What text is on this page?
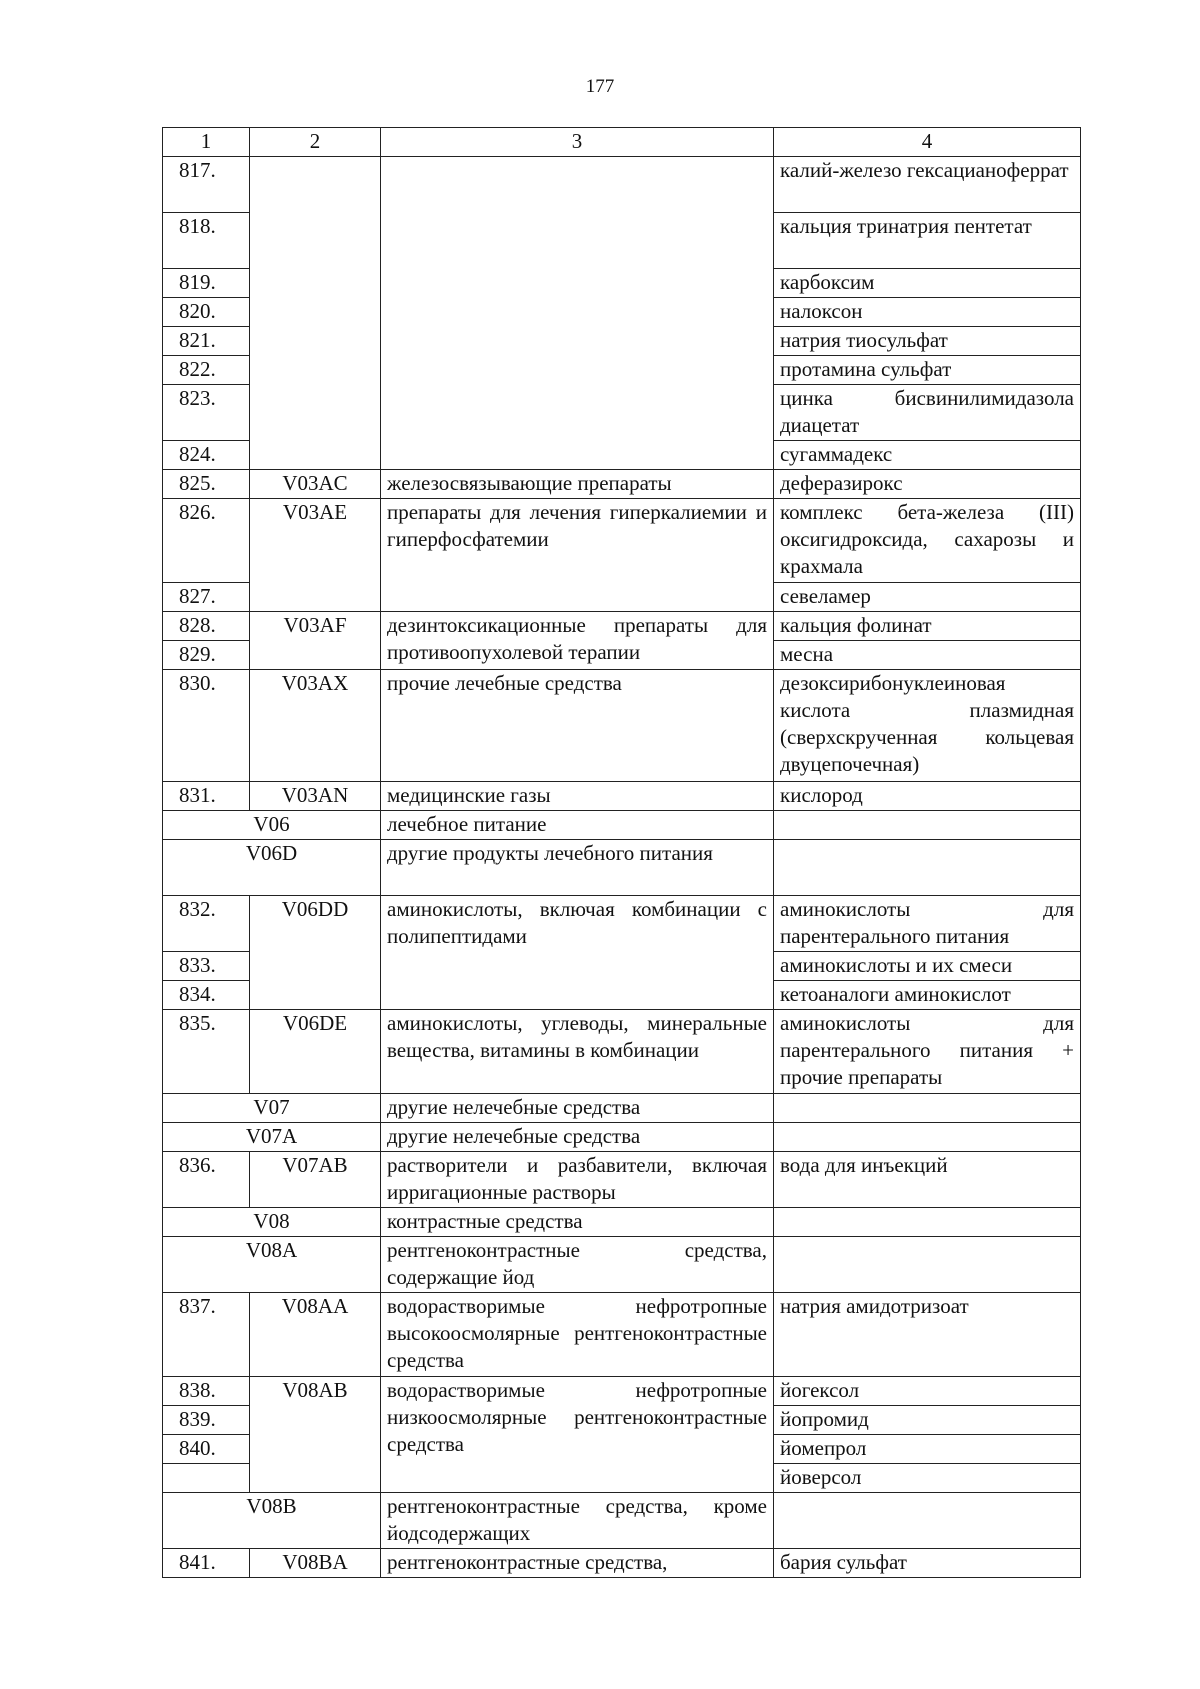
177
1	2	3	4
817.			калий-железо гексацианоферрат
818.			кальция тринатрия пентетат
819.			карбоксим
820.			налоксон
821.			натрия тиосульфат
822.			протамина сульфат
823.			цинка бисвинилимидазола диацетат
824.			сугаммадекс
825.	V03AC	железосвязывающие препараты	деферазирокс
826.	V03AE	препараты для лечения гиперкалиемии и гиперфосфатемии	комплекс бета-железа (III) оксигидроксида, сахарозы и крахмала
827.			севеламер
828.	V03AF	дезинтоксикационные препараты для противоопухолевой терапии	кальция фолинат
829.			месна
830.	V03AX	прочие лечебные средства	дезоксирибонуклеиновая кислота плазмидная (сверхскрученная кольцевая двуцепочечная)
831.	V03AN	медицинские газы	кислород
V06		лечебное питание	
V06D		другие продукты лечебного питания	
832.	V06DD	аминокислоты, включая комбинации с полипептидами	аминокислоты для парентерального питания
833.			аминокислоты и их смеси
834.			кетоаналоги аминокислот
835.	V06DE	аминокислоты, углеводы, минеральные вещества, витамины в комбинации	аминокислоты для парентерального питания + прочие препараты
V07		другие нелечебные средства	
V07A		другие нелечебные средства	
836.	V07AB	растворители и разбавители, включая ирригационные растворы	вода для инъекций
V08		контрастные средства	
V08A		рентгеноконтрастные средства, содержащие йод	
837.	V08AA	водорастворимые нефротропные высокоосмолярные рентгеноконтрастные средства	натрия амидотризоат
838.	V08AB	водорастворимые нефротропные низкоосмолярные рентгеноконтрастные средства	йогексол
839.			йопромид
840.			йомепрол
			йоверсол
V08B		рентгеноконтрастные средства, кроме йодсодержащих	
841.	V08BA	рентгеноконтрастные средства,	бария сульфат
